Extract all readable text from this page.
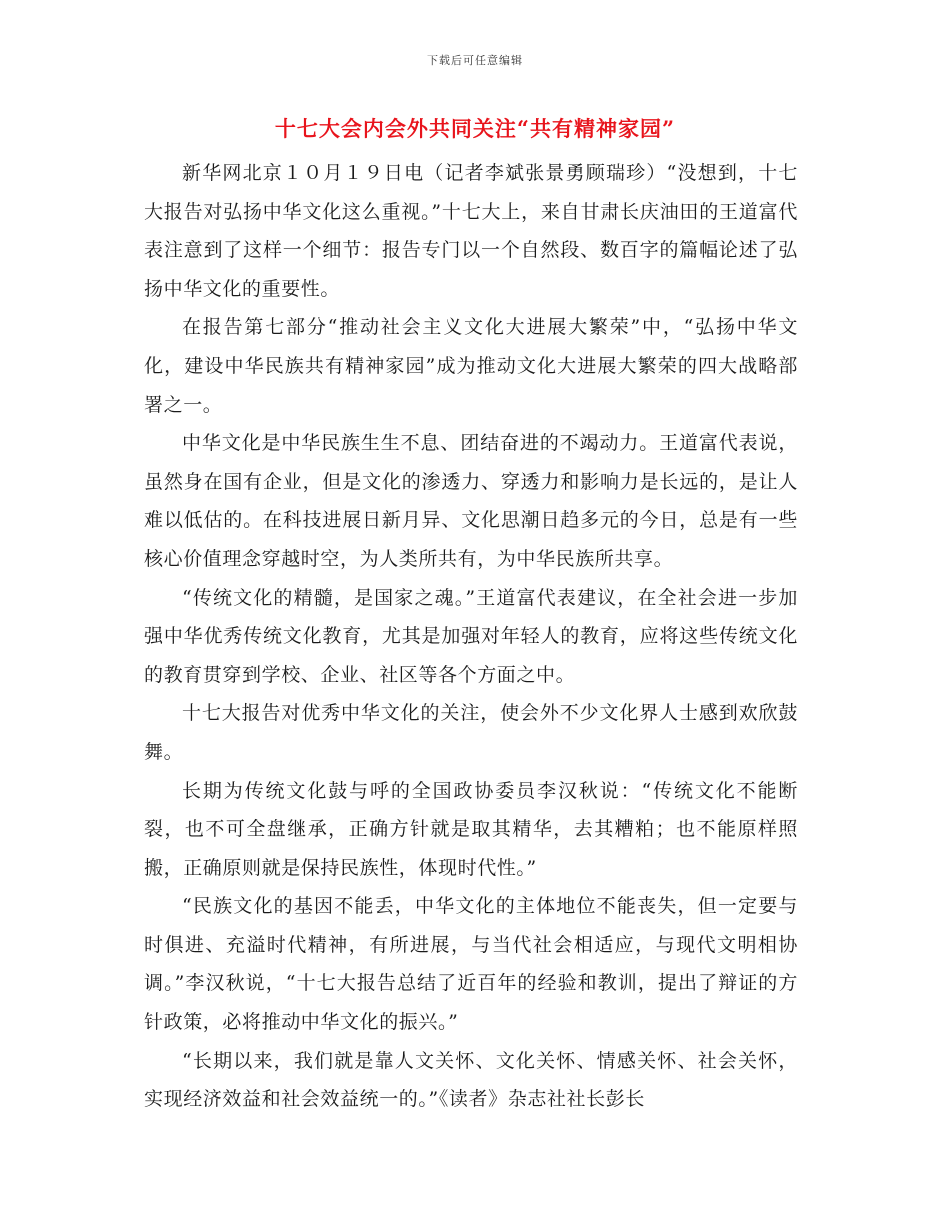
下载后可任意编辑
十七大会内会外共同关注“共有精神家园”

新华网北京１０月１９日电（记者李斌张景勇顾瑞珍）“没想到，十七大报告对弘扬中华文化这么重视。”十七大上，来自甘肃长庆油田的王道富代表注意到了这样一个细节：报告专门以一个自然段、数百字的篇幅论述了弘扬中华文化的重要性。

在报告第七部分“推动社会主义文化大进展大繁荣”中，“弘扬中华文化，建设中华民族共有精神家园”成为推动文化大进展大繁荣的四大战略部署之一。

中华文化是中华民族生生不息、团结奋进的不竭动力。王道富代表说，虽然身在国有企业，但是文化的渗透力、穿透力和影响力是长远的，是让人难以低估的。在科技进展日新月异、文化思潮日趋多元的今日，总是有一些核心价值理念穿越时空，为人类所共有，为中华民族所共享。

“传统文化的精髓，是国家之魂。”王道富代表建议，在全社会进一步加强中华优秀传统文化教育，尤其是加强对年轻人的教育，应将这些传统文化的教育贯穿到学校、企业、社区等各个方面之中。

十七大报告对优秀中华文化的关注，使会外不少文化界人士感到欢欣鼓舞。

长期为传统文化鼓与呼的全国政协委员李汉秋说：“传统文化不能断裂，也不可全盘继承，正确方针就是取其精华，去其糟粕；也不能原样照搬，正确原则就是保持民族性，体现时代性。”

“民族文化的基因不能丢，中华文化的主体地位不能丧失，但一定要与时俱进、充溢时代精神，有所进展，与当代社会相适应，与现代文明相协调。”李汉秋说，“十七大报告总结了近百年的经验和教训，提出了辩证的方针政策，必将推动中华文化的振兴。”

“长期以来，我们就是靠人文关怀、文化关怀、情感关怀、社会关怀，实现经济效益和社会效益统一的。”《读者》杂志社社长彭长
